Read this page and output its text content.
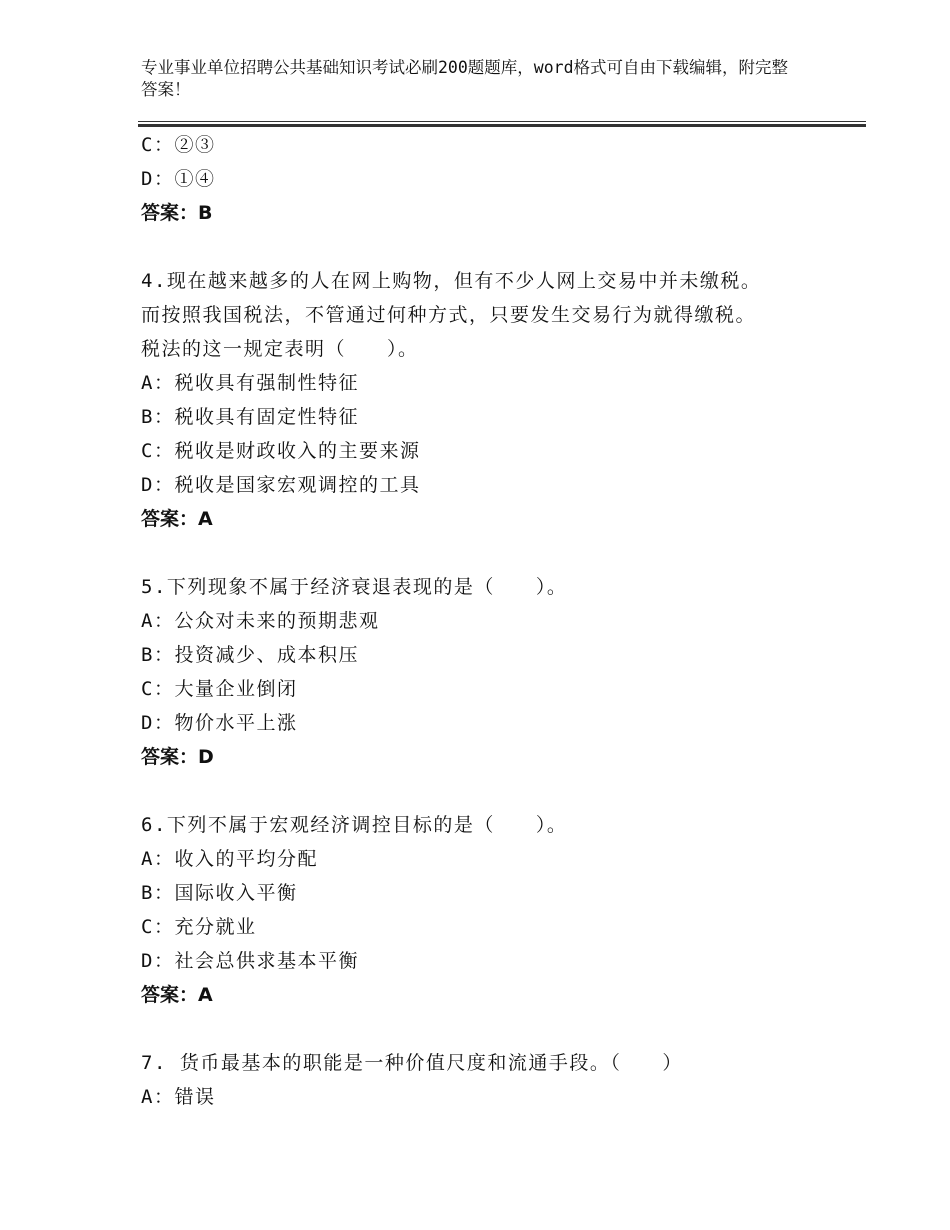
专业事业单位招聘公共基础知识考试必刷200题题库，word格式可自由下载编辑，附完整答案！
C：②③
D：①④
答案：B
4.现在越来越多的人在网上购物，但有不少人网上交易中并未缴税。
而按照我国税法，不管通过何种方式，只要发生交易行为就得缴税。
税法的这一规定表明（　　）。
A：税收具有强制性特征
B：税收具有固定性特征
C：税收是财政收入的主要来源
D：税收是国家宏观调控的工具
答案：A
5.下列现象不属于经济衰退表现的是（　　）。
A：公众对未来的预期悲观
B：投资减少、成本积压
C：大量企业倒闭
D：物价水平上涨
答案：D
6.下列不属于宏观经济调控目标的是（　　）。
A：收入的平均分配
B：国际收入平衡
C：充分就业
D：社会总供求基本平衡
答案：A
7. 货币最基本的职能是一种价值尺度和流通手段。（　　）
A：错误
